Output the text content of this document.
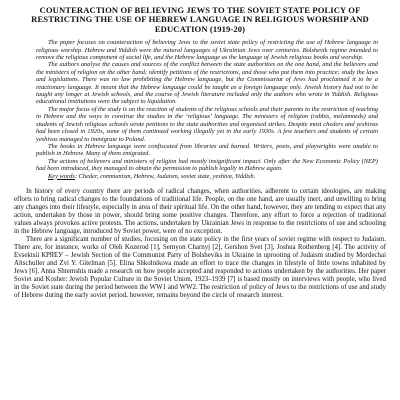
COUNTERACTION OF BELIEVING JEWS TO THE SOVIET STATE POLICY OF RESTRICTING THE USE OF HEBREW LANGUAGE IN RELIGIOUS WORSHIP AND EDUCATION (1919-20)

The paper focuses on counteraction of believing Jews to the soviet state policy of restricting the use of Hebrew language in religious worship. Hebrew and Yiddish were the natural languages of Ukrainian Jews over centuries. Bolshevik regime intended to remove the religious component of social life, and the Hebrew language as the language of Jewish religious books and worship.

The authors analyse the causes and sources of the conflict between the state authorities on the one hand, and the believers and the ministers of religion on the other hand; identify petitions of the restrictions, and those who put them into practice; study the laws and legislations. There was no law prohibiting the Hebrew language, but the Commissariat of Jews had proclaimed it to be a reactionary language. It meant that the Hebrew language could be taught as a foreign language only. Jewish history had not to be taught any longer at Jewish schools, and the course of Jewish literature included only the authors who wrote in Yiddish. Religious educational institutions were the subject to liquidation.

The major focus of the study is on the reaction of students of the religious schools and their parents to the restriction of teaching in Hebrew and the ways to construe the studies in the ‘religious’ language. The ministers of religion (rabbis, melammeds) and students of Jewish religious schools wrote petitions to the state authorities and organised strikes. Despite most cheders and yeshivas had been closed in 1920s, some of them continued working illegally yet in the early 1930s. A few teachers and students of certain yeshivas managed to immigrate to Poland.

The books in Hebrew language were confiscated from libraries and burned. Writers, poets, and playwrights were unable to publish in Hebrew. Many of them emigrated.

The actions of believers and ministers of religion had mostly insignificant impact. Only after the New Economic Policy (NEP) had been introduced, they managed to obtain the permission to publish legally in Hebrew again.

Key words: Cheder, communism, Hebrew, Judaism, soviet state, yeshiva, Yiddish.

In history of every country there are periods of radical changes, when authorities, adherent to certain ideologies, are making efforts to bring radical changes to the foundations of traditional life. People, on the one hand, are usually inert, and unwilling to bring any changes into their lifestyle, especially in area of their spiritual life. On the other hand, however, they are tending to expect that any action, undertaken by those in power, should bring some positive changes. Therefore, any effort to force a rejection of traditional values always provokes active protests. The actions, undertaken by Ukrainian Jews in response to the restrictions of use and schooling in the Hebrew language, introduced by Soviet power, were of no exception.

There are a significant number of studies, focusing on the state policy in the first years of soviet regime with respect to Judaism. There are, for instance, works of Oleh Kozerod [1], Semyon Charnyj [2], Gershon Svet [3], Joshua Rothenberg [4]. The activity of Evsektsii КРЯЕУ – Jewish Section of the Communist Party of Bolsheviks in Ukraine in uprooting of Judaism studied by Mordechai Altschuller and Zvi Y. Gitelman [5]. Elina Shkolnikova made an effort to trace the changes in lifestyle of little towns inhabited by Jews [6]. Anna Shternshis made a research on how people accepted and responded to actions undertaken by the authorities. Her paper Soviet and Kosher: Jewish Popular Culture in the Soviet Union, 1923–1939 [7] is based mostly on interviews with people, who lived in the Soviet state during the period between the WW1 and WW2. The restriction of policy of Jews to the restrictions of use and study of Hebrew during the early soviet period, however, remains beyond the circle of research interest.
